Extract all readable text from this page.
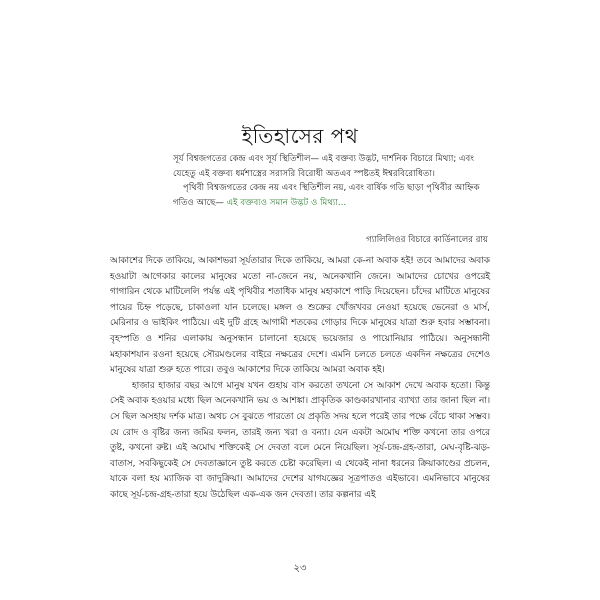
ইতিহাসের পথ

সূর্য বিশ্বজগতের কেন্দ্র এবং সূর্য স্থিতিশীল— এই বক্তব্য উদ্ভট, দার্শনিক বিচারে মিথ্যা; এবং যেহেতু এই বক্তব্য ধর্মশাস্ত্রের সরাসরি বিরোধী অতএব স্পষ্টতই ঈশ্বরবিরোধিতা।

পৃথিবী বিশ্বজগতের কেন্দ্র নয় এবং স্থিতিশীল নয়, এবং বার্ষিক গতি ছাড়া পৃথিবীর আহ্নিক গতিও আছে— এই বক্তব্যও সমান উদ্ভট ও মিথ্যা...

গ্যালিলিওর বিচারে কার্ডিনালের রায়

আকাশের দিকে তাকিয়ে, আকাশভরা সূর্যতারার দিকে তাকিয়ে, আমরা কে-না অবাক হই! তবে আমাদের অবাক হওয়াটা আগেকার কালের মানুষের মতো না-জেনে নয়, অনেকখানি জেনে। আমাদের চোখের ওপরেই গাগারিন থেকে মাটিলেলি পর্যন্ত এই পৃথিবীর শতাধিক মানুষ মহাকাশে পাড়ি দিয়েছেন। চাঁদের মাটিতে মানুষের পায়ের চিহ্ন পড়েছে, চাকাওলা যান চলেছে। মঙ্গল ও শুক্রের খোঁজখবর নেওয়া হয়েছে ভেনেরা ও মার্স, মেরিনার ও ভাইকিং পাঠিয়ে। এই দুটি গ্রহে আগামী শতকের গোড়ার দিকে মানুষের যাত্রা শুরু হবার সম্ভাবনা। বৃহস্পতি ও শনির এলাকায় অনুসন্ধান চালানো হয়েছে ভয়েজার ও পায়োনিয়ার পাঠিয়ে। অনুসন্ধানী মহাকাশযান রওনা হয়েছে সৌরমণ্ডলের বাইরে নক্ষত্রের দেশে। এমনি চলতে চলতে একদিন নক্ষত্রের দেশেও মানুষের যাত্রা শুরু হতে পারে। তবুও আকাশের দিকে তাকিয়ে আমরা অবাক হই।

হাজার হাজার বছর আগে মানুষ যখন গুহায় বাস করতো তখনো সে আকাশ দেখে অবাক হতো। কিন্তু সেই অবাক হওয়ার মধ্যে ছিল অনেকখানি ভয় ও আশঙ্কা। প্রাকৃতিক কাণ্ডকারখানার ব্যাখ্যা তার জানা ছিল না। সে ছিল অসহায় দর্শক মাত্র। অথচ সে বুঝতে পারতো যে প্রকৃতি সদয় হলে পরেই তার পক্ষে বেঁচে থাকা সম্ভব। যে রোদ ও বৃষ্টির জন্য জমির ফলন, তারই জন্য খরা ও বন্যা। যেন একটা অমোঘ শক্তি কখনো তার ওপরে তুষ্ট, কখনো রুষ্ট। এই অমোঘ শক্তিকেই সে দেবতা বলে মেনে নিয়েছিল। সূর্য-চন্দ্র-গ্রহ-তারা, মেঘ-বৃষ্টি-ঝড়-বাতাস, সবকিছুকেই সে দেবতাজ্ঞানে তুষ্ট করতে চেষ্টা করেছিল। এ থেকেই নানা ধরনের ক্রিয়াকাণ্ডের প্রচলন, যাকে বলা হয় ম্যাজিক বা জাদুক্রিয়া। আমাদের দেশের যাগযজ্ঞের সূত্রপাতও এইভাবে। এমনিভাবে মানুষের কাছে সূর্য-চন্দ্র-গ্রহ-তারা হয়ে উঠেছিল এক-এক জন দেবতা। তার কল্পনার এই

২৩
